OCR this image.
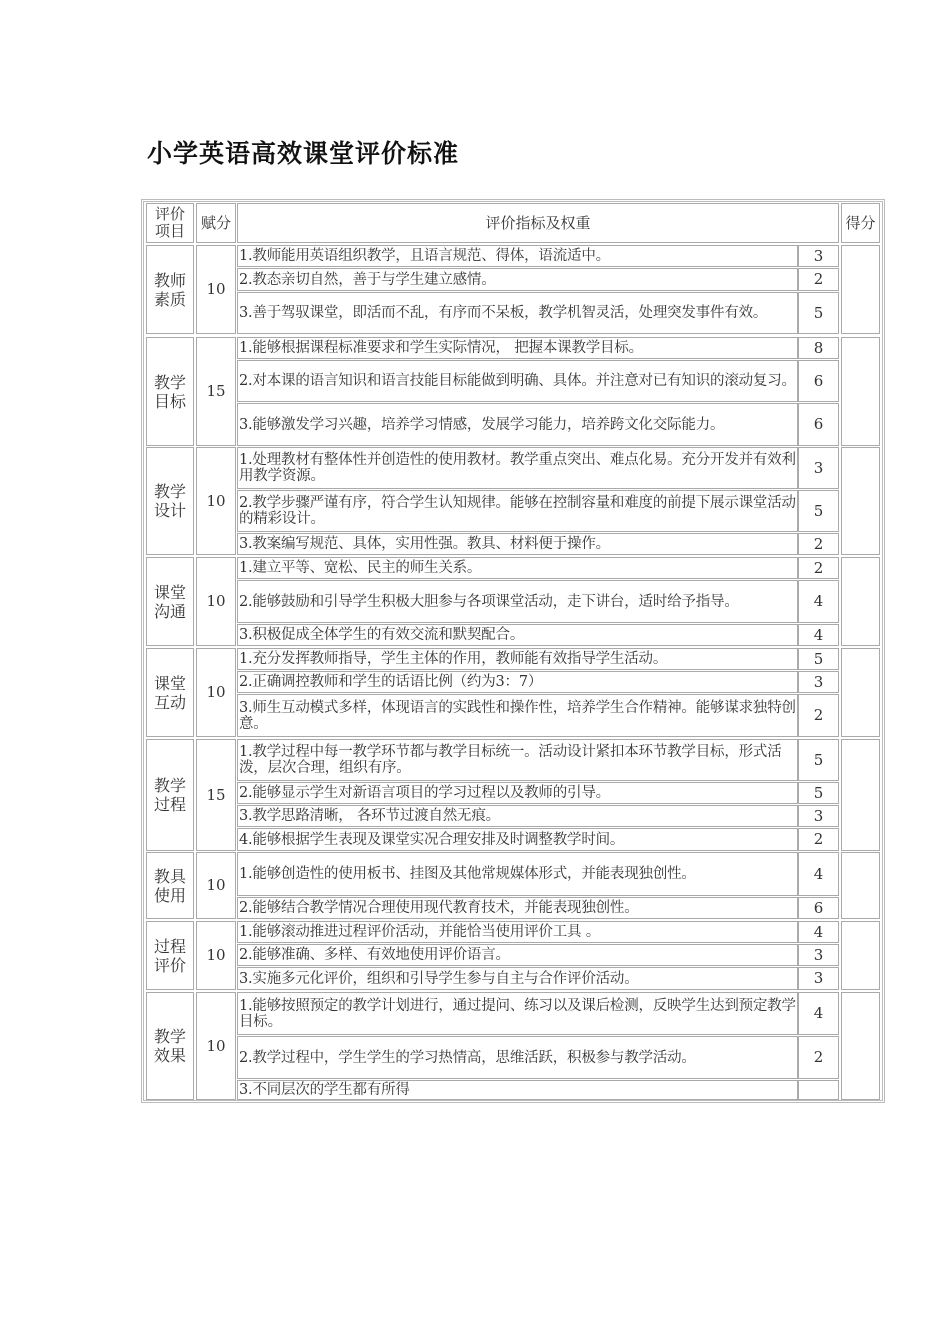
小学英语高效课堂评价标准
评价项目	赋分	评价指标及权重	得分
教师素质
10
1.教师能用英语组织教学，且语言规范、得体，语流适中。	3
2.教态亲切自然，善于与学生建立感情。	2
3.善于驾驭课堂，即活而不乱，有序而不呆板，教学机智灵活，处理突发事件有效。	5
教学目标
15
1.能够根据课程标准要求和学生实际情况， 把握本课教学目标。	8
2.对本课的语言知识和语言技能目标能做到明确、具体。并注意对已有知识的滚动复习。 6
3.能够激发学习兴趣，培养学习情感，发展学习能力，培养跨文化交际能力。	6
教学设计
10
1.处理教材有整体性并创造性的使用教材。教学重点突出、难点化易。充分开发并有效利用教学资源。	3
2.教学步骤严谨有序，符合学生认知规律。能够在控制容量和难度的前提下展示课堂活动的精彩设计。	5
3.教案编写规范、具体，实用性强。教具、材料便于操作。	2
课堂沟通
10
1.建立平等、宽松、民主的师生关系。	2
2.能够鼓励和引导学生积极大胆参与各项课堂活动，走下讲台，适时给予指导。	4
3.积极促成全体学生的有效交流和默契配合。	4
课堂互动
10
1.充分发挥教师指导，学生主体的作用，教师能有效指导学生活动。	5
2.正确调控教师和学生的话语比例（约为3：7）	3
3.师生互动模式多样，体现语言的实践性和操作性，培养学生合作精神。能够谋求独特创意。	2
教学过程
15
1.教学过程中每一教学环节都与教学目标统一。活动设计紧扣本环节教学目标，形式活泼，层次合理，组织有序。	5
2.能够显示学生对新语言项目的学习过程以及教师的引导。	5
3.教学思路清晰， 各环节过渡自然无痕。	3
4.能够根据学生表现及课堂实况合理安排及时调整教学时间。	2
教具使用
10
1.能够创造性的使用板书、挂图及其他常规媒体形式，并能表现独创性。	4
2.能够结合教学情况合理使用现代教育技术，并能表现独创性。	6
过程评价
10
1.能够滚动推进过程评价活动，并能恰当使用评价工具 。	4
2.能够准确、多样、有效地使用评价语言。	3
3.实施多元化评价，组织和引导学生参与自主与合作评价活动。	3
教学效果
10
1.能够按照预定的教学计划进行，通过提问、练习以及课后检测，反映学生达到预定教学目标。	4
2.教学过程中，学生学生的学习热情高，思维活跃，积极参与教学活动。	2
3.不同层次的学生都有所得
